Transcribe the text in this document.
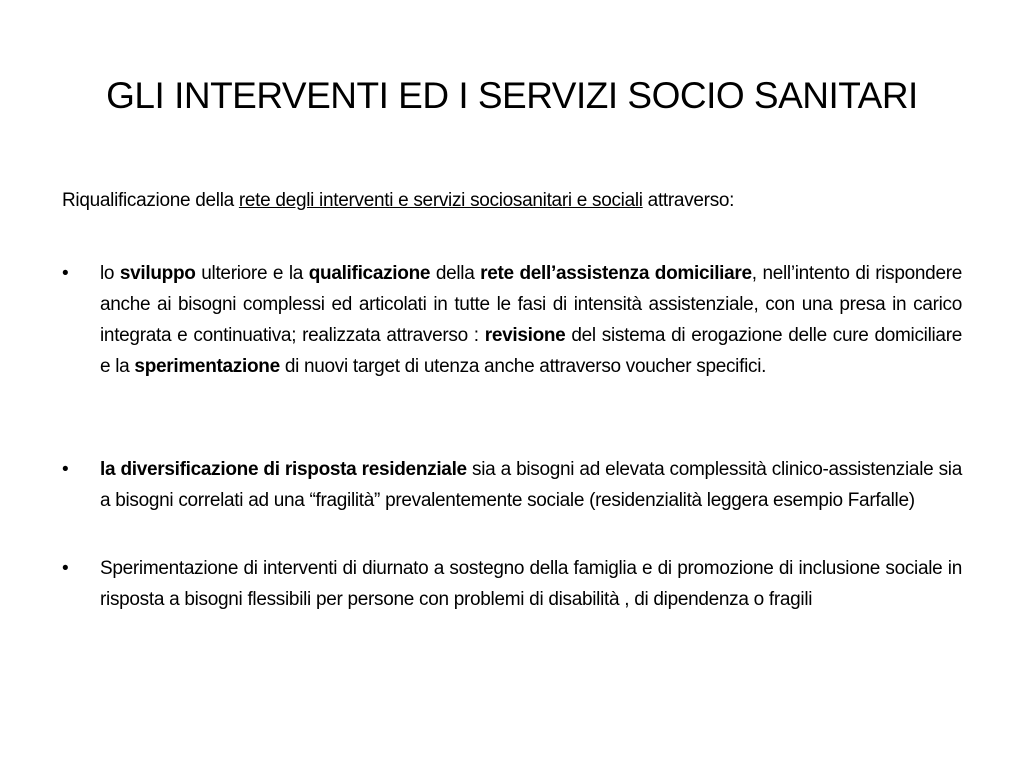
GLI INTERVENTI ED I SERVIZI SOCIO SANITARI
Riqualificazione della rete degli interventi e servizi sociosanitari e sociali attraverso:
• lo sviluppo ulteriore e la qualificazione della rete dell’assistenza domiciliare, nell’intento di rispondere anche ai bisogni complessi ed articolati in tutte le fasi di intensità assistenziale, con una presa in carico integrata e continuativa; realizzata attraverso : revisione del sistema di erogazione delle cure domiciliare e la sperimentazione di nuovi target di utenza anche attraverso voucher specifici.
• la diversificazione di risposta residenziale sia a bisogni ad elevata complessità clinico-assistenziale sia a bisogni correlati ad una “fragilità” prevalentemente sociale (residenzialità leggera esempio Farfalle)
• Sperimentazione di interventi di diurnato a sostegno della famiglia e di promozione di inclusione sociale in risposta a bisogni flessibili per persone con problemi di disabilità , di dipendenza o fragili
